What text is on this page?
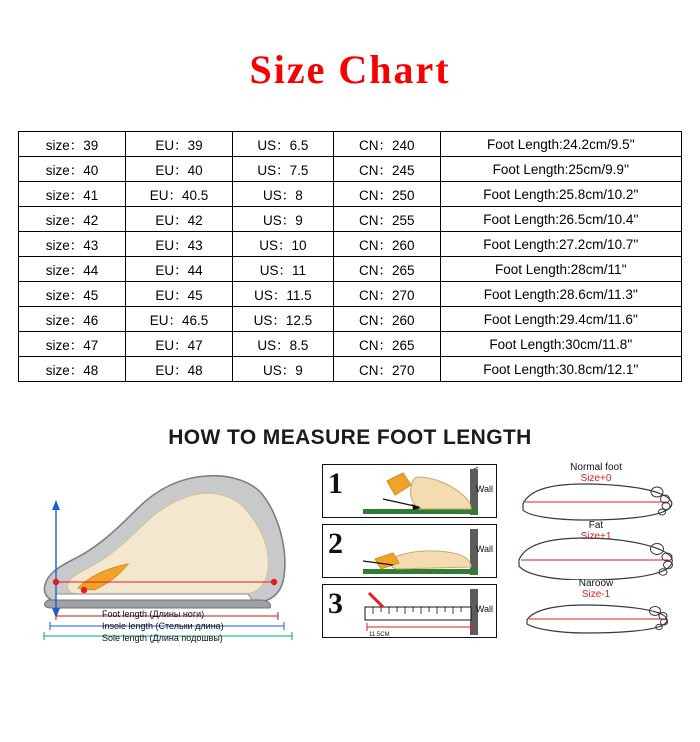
Size Chart
size：39	EU：39	US：6.5	CN：240	Foot Length:24.2cm/9.5''
size：40	EU：40	US：7.5	CN：245	Foot Length:25cm/9.9''
size：41	EU：40.5	US：8	CN：250	Foot Length:25.8cm/10.2''
size：42	EU：42	US：9	CN：255	Foot Length:26.5cm/10.4''
size：43	EU：43	US：10	CN：260	Foot Length:27.2cm/10.7''
size：44	EU：44	US：11	CN：265	Foot Length:28cm/11''
size：45	EU：45	US：11.5	CN：270	Foot Length:28.6cm/11.3''
size：46	EU：46.5	US：12.5	CN：260	Foot Length:29.4cm/11.6''
size：47	EU：47	US：8.5	CN：265	Foot Length:30cm/11.8''
size：48	EU：48	US：9	CN：270	Foot Length:30.8cm/12.1''
HOW TO MEASURE FOOT LENGTH
Foot length (Длины ноги)
Insole length (Стельки длина)
Sole length (Длина подошвы)
1	Wall
2	Wall
11.5CM
3	Wall
Normal foot
Size+0
Fat
Size+1
Naroow
Size-1
